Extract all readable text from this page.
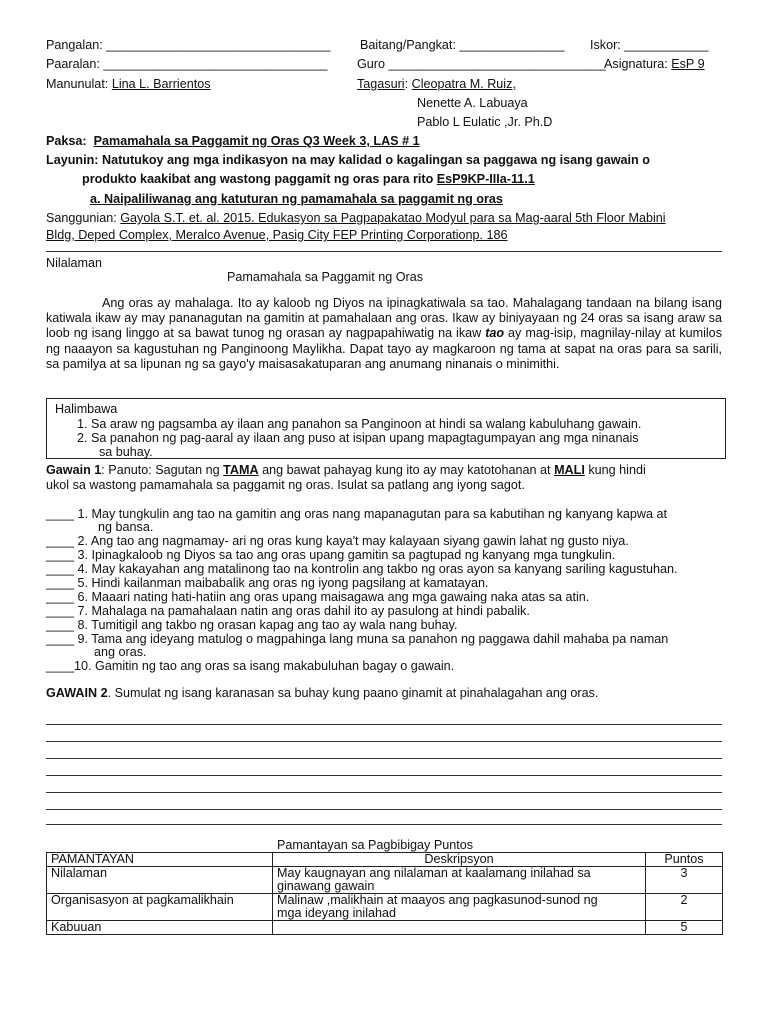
Pangalan: ________________________________ Baitang/Pangkat: _______________ Iskor: ____________
Paaralan: ________________________________ Guro _______________________________
Asignatura: EsP 9
Manunulat: Lina L. Barrientos	Tagasuri: Cleopatra M. Ruiz,
Nenette A. Labuaya
Pablo L Eulatic ,Jr. Ph.D
Paksa: Pamamahala sa Paggamit ng Oras Q3 Week 3, LAS # 1
Layunin: Natutukoy ang mga indikasyon na may kalidad o kagalingan sa paggawa ng isang gawain o
produkto kaakibat ang wastong paggamit ng oras para rito EsP9KP-IIIa-11.1
a. Naipaliliwanag ang katuturan ng pamamahala sa paggamit ng oras
Sanggunian: Gayola S.T. et. al. 2015. Edukasyon sa Pagpapakatao Modyul para sa Mag-aaral 5th Floor Mabini
Bldg, Deped Complex, Meralco Avenue, Pasig City FEP Printing Corporationp. 186
Nilalaman
Pamamahala sa Paggamit ng Oras
Ang oras ay mahalaga. Ito ay kaloob ng Diyos na ipinagkatiwala sa tao. Mahalagang tandaan na bilang isang katiwala ikaw ay may pananagutan na gamitin at pamahalaan ang oras. Ikaw ay biniyayaan ng 24 oras sa isang araw sa loob ng isang linggo at sa bawat tunog ng orasan ay nagpapahiwatig na ikaw tao ay mag-isip, magnilay-nilay at kumilos ng naaayon sa kagustuhan ng Panginoong Maylikha. Dapat tayo ay magkaroon ng tama at sapat na oras para sa sarili, sa pamilya at sa lipunan ng sa gayo'y maisasakatuparan ang anumang ninanais o minimithi.
Halimbawa
1. Sa araw ng pagsamba ay ilaan ang panahon sa Panginoon at hindi sa walang kabuluhang gawain.
2. Sa panahon ng pag-aaral ay ilaan ang puso at isipan upang mapagtagumpayan ang mga ninanais
sa buhay.
Gawain 1: Panuto: Sagutan ng TAMA ang bawat pahayag kung ito ay may katotohanan at MALI kung hindi
ukol sa wastong pamamahala sa paggamit ng oras. Isulat sa patlang ang iyong sagot.
____ 1. May tungkulin ang tao na gamitin ang oras nang mapanagutan para sa kabutihan ng kanyang kapwa at
ng bansa.
____ 2. Ang tao ang nagmamay- ari ng oras kung kaya't may kalayaan siyang gawin lahat ng gusto niya.
____ 3. Ipinagkaloob ng Diyos sa tao ang oras upang gamitin sa pagtupad ng kanyang mga tungkulin.
____ 4. May kakayahan ang matalinong tao na kontrolin ang takbo ng oras ayon sa kanyang sariling kagustuhan.
____ 5. Hindi kailanman maibabalik ang oras ng iyong pagsilang at kamatayan.
____ 6. Maaari nating hati-hatiin ang oras upang maisagawa ang mga gawaing naka atas sa atin.
____ 7. Mahalaga na pamahalaan natin ang oras dahil ito ay pasulong at hindi pabalik.
____ 8. Tumitigil ang takbo ng orasan kapag ang tao ay wala nang buhay.
____ 9. Tama ang ideyang matulog o magpahinga lang muna sa panahon ng paggawa dahil mahaba pa naman
ang oras.
____10. Gamitin ng tao ang oras sa isang makabuluhan bagay o gawain.
GAWAIN 2. Sumulat ng isang karanasan sa buhay kung paano ginamit at pinahalagahan ang oras.
Pamantayan sa Pagbibigay Puntos
PAMANTAYAN	Deskripsyon	Puntos
Nilalaman	May kaugnayan ang nilalaman at kaalamang inilahad sa
ginawang gawain	3
Organisasyon at pagkamalikhain	Malinaw ,malikhain at maayos ang pagkasunod-sunod ng
mga ideyang inilahad	2
Kabuuan		5
